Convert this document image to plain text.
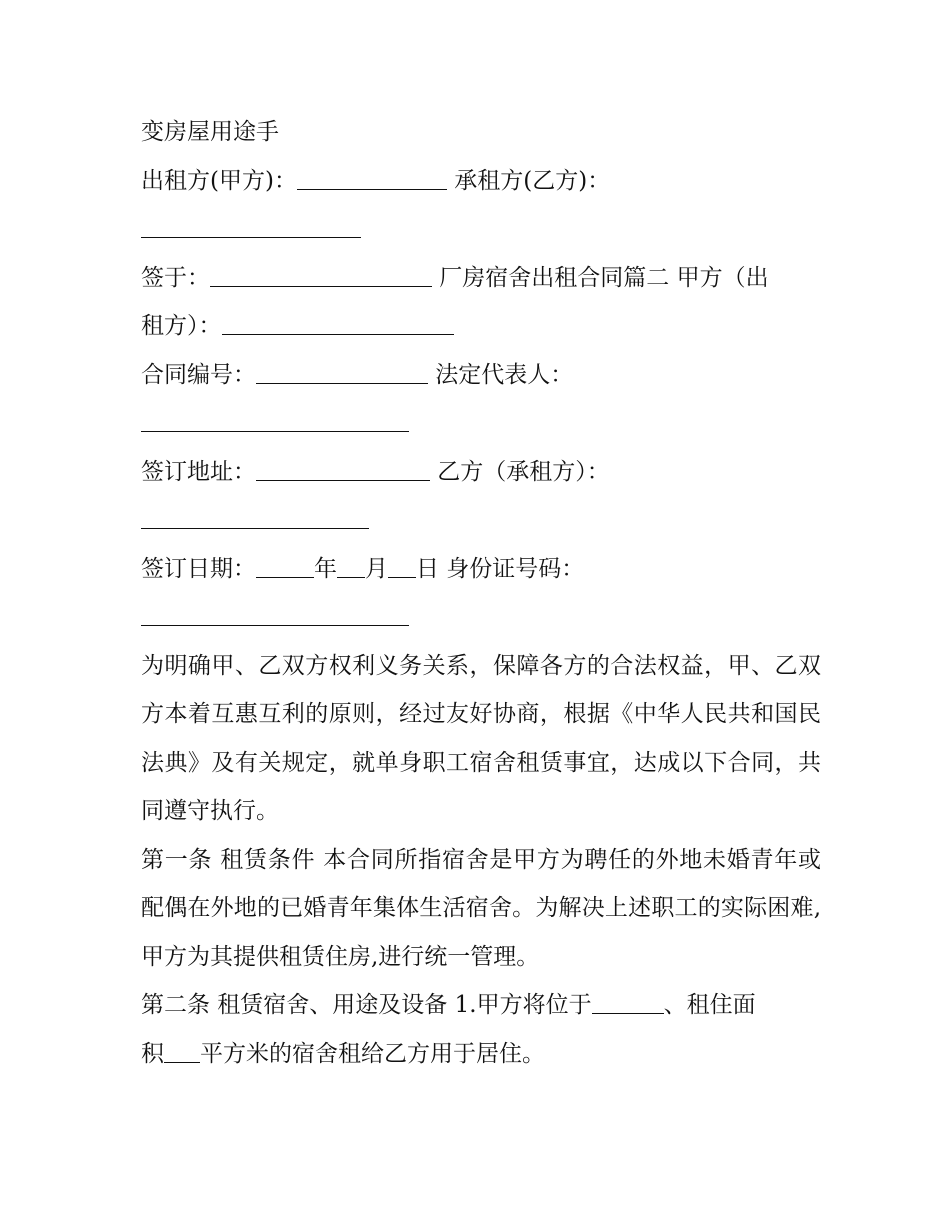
变房屋用途手
出租方(甲方)：	承租方(乙方)：
签于：	厂房宿舍出租合同篇二 甲方（出
租方）：
合同编号：	法定代表人：
签订地址：	乙方（承租方）：
签订日期：	年 月 日 身份证号码：

为明确甲、乙双方权利义务关系，保障各方的合法权益，甲、乙双方本着互惠互利的原则，经过友好协商，根据《中华人民共和国民法典》及有关规定，就单身职工宿舍租赁事宜，达成以下合同，共同遵守执行。

第一条 租赁条件 本合同所指宿舍是甲方为聘任的外地未婚青年或配偶在外地的已婚青年集体生活宿舍。为解决上述职工的实际困难,甲方为其提供租赁住房,进行统一管理。

第二条 租赁宿舍、用途及设备 1.甲方将位于	、租住面
积 平方米的宿舍租给乙方用于居住。
